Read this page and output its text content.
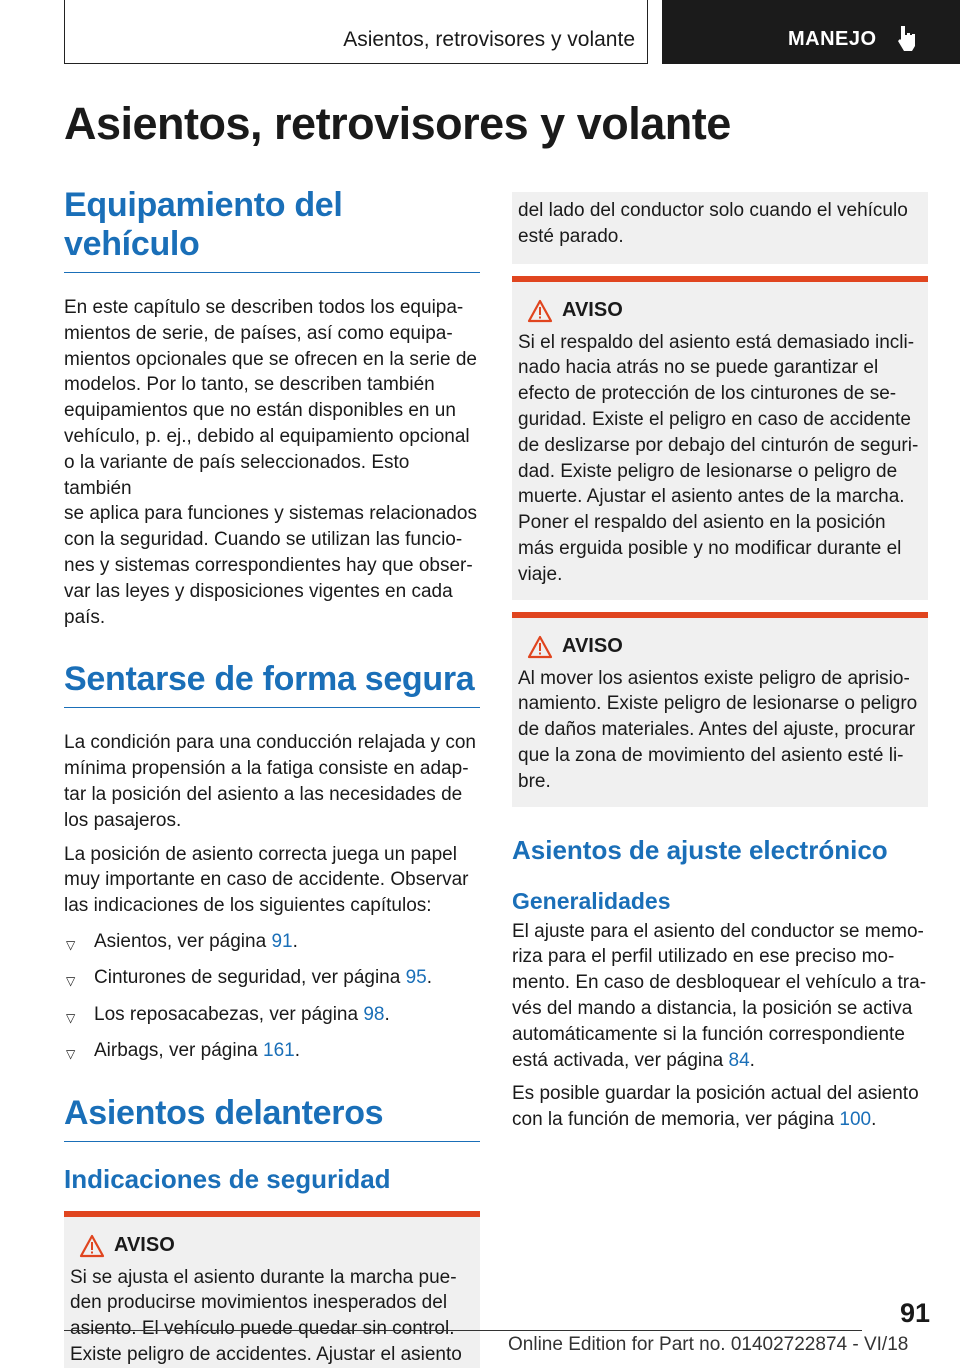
Asientos, retrovisores y volante	MANEJO
Asientos, retrovisores y volante
Equipamiento del vehículo

En este capítulo se describen todos los equipa-
mientos de serie, de países, así como equipa-
mientos opcionales que se ofrecen en la serie de
modelos. Por lo tanto, se describen también
equipamientos que no están disponibles en un
vehículo, p. ej., debido al equipamiento opcional
o la variante de país seleccionados. Esto también
se aplica para funciones y sistemas relacionados
con la seguridad. Cuando se utilizan las funcio-
nes y sistemas correspondientes hay que obser-
var las leyes y disposiciones vigentes en cada
país.

Sentarse de forma segura

La condición para una conducción relajada y con
mínima propensión a la fatiga consiste en adap-
tar la posición del asiento a las necesidades de
los pasajeros.

La posición de asiento correcta juega un papel
muy importante en caso de accidente. Observar
las indicaciones de los siguientes capítulos:

▽ Asientos, ver página 91.
▽ Cinturones de seguridad, ver página 95.
▽ Los reposacabezas, ver página 98.
▽ Airbags, ver página 161.
Asientos delanteros
Indicaciones de seguridad
AVISO

Si se ajusta el asiento durante la marcha pue-
den producirse movimientos inesperados del
asiento. El vehículo puede quedar sin control.
Existe peligro de accidentes. Ajustar el asiento

del lado del conductor solo cuando el vehículo
esté parado.

AVISO

Si el respaldo del asiento está demasiado incli-
nado hacia atrás no se puede garantizar el
efecto de protección de los cinturones de se-
guridad. Existe el peligro en caso de accidente
de deslizarse por debajo del cinturón de seguri-
dad. Existe peligro de lesionarse o peligro de
muerte. Ajustar el asiento antes de la marcha.
Poner el respaldo del asiento en la posición
más erguida posible y no modificar durante el
viaje.

AVISO

Al mover los asientos existe peligro de aprisio-
namiento. Existe peligro de lesionarse o peligro
de daños materiales. Antes del ajuste, procurar
que la zona de movimiento del asiento esté li-
bre.

Asientos de ajuste electrónico
Generalidades

El ajuste para el asiento del conductor se memo-
riza para el perfil utilizado en ese preciso mo-
mento. En caso de desbloquear el vehículo a tra-
vés del mando a distancia, la posición se activa
automáticamente si la función correspondiente
está activada, ver página 84.

Es posible guardar la posición actual del asiento
con la función de memoria, ver página 100.

91
Online Edition for Part no. 01402722874 - VI/18
